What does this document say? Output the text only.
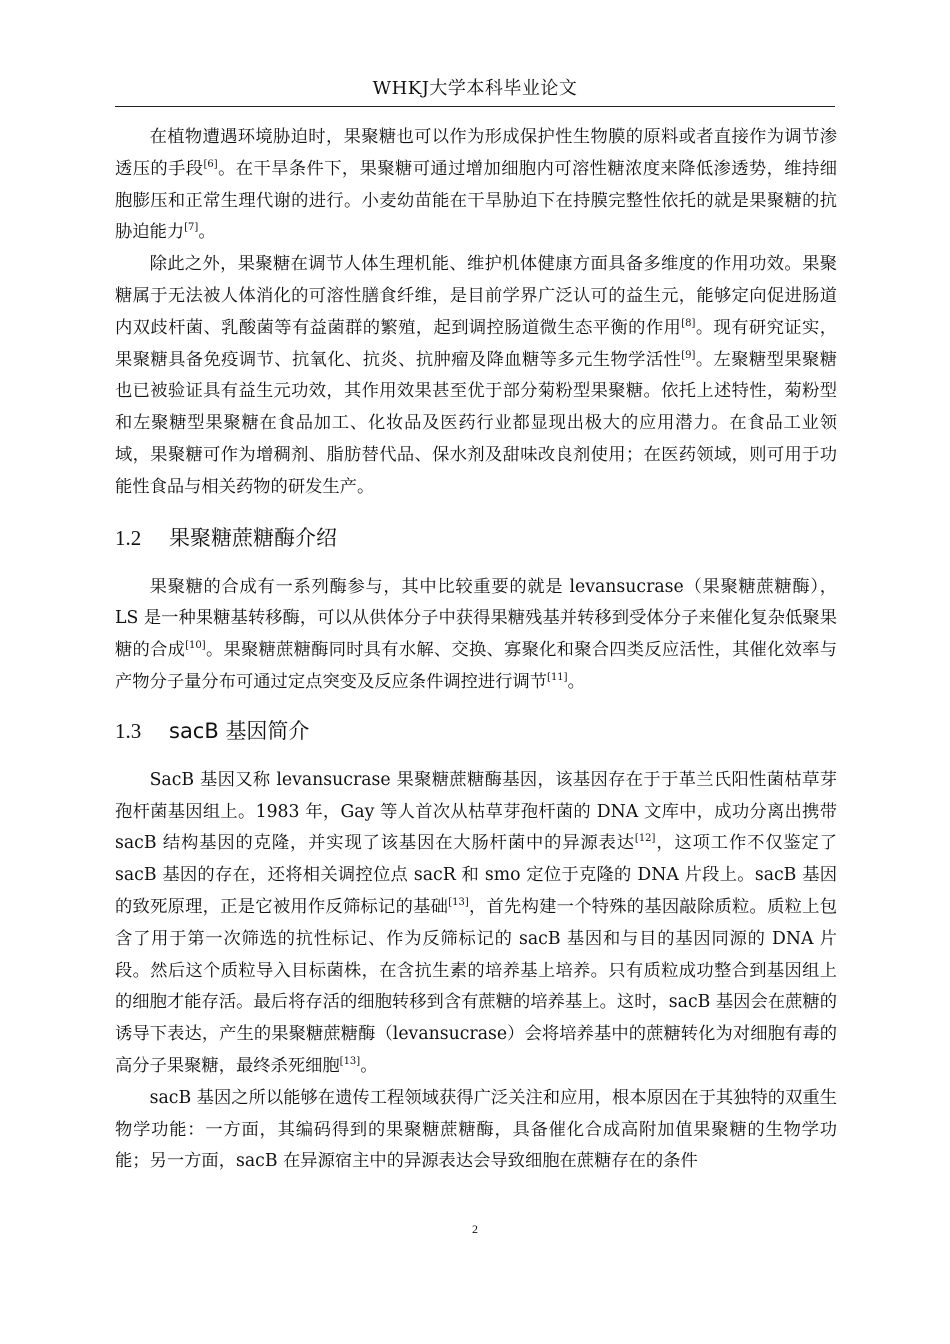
WHKJ大学本科毕业论文

在植物遭遇环境胁迫时，果聚糖也可以作为形成保护性生物膜的原料或者直接作为调节渗透压的手段[6]。在干旱条件下，果聚糖可通过增加细胞内可溶性糖浓度来降低渗透势，维持细胞膨压和正常生理代谢的进行。小麦幼苗能在干旱胁迫下在持膜完整性依托的就是果聚糖的抗胁迫能力[7]。

除此之外，果聚糖在调节人体生理机能、维护机体健康方面具备多维度的作用功效。果聚糖属于无法被人体消化的可溶性膳食纤维，是目前学界广泛认可的益生元，能够定向促进肠道内双歧杆菌、乳酸菌等有益菌群的繁殖，起到调控肠道微生态平衡的作用[8]。现有研究证实，果聚糖具备免疫调节、抗氧化、抗炎、抗肿瘤及降血糖等多元生物学活性[9]。左聚糖型果聚糖也已被验证具有益生元功效，其作用效果甚至优于部分菊粉型果聚糖。依托上述特性，菊粉型和左聚糖型果聚糖在食品加工、化妆品及医药行业都显现出极大的应用潜力。在食品工业领域，果聚糖可作为增稠剂、脂肪替代品、保水剂及甜味改良剂使用；在医药领域，则可用于功能性食品与相关药物的研发生产。

1.2 果聚糖蔗糖酶介绍

果聚糖的合成有一系列酶参与，其中比较重要的就是 levansucrase（果聚糖蔗糖酶），LS 是一种果糖基转移酶，可以从供体分子中获得果糖残基并转移到受体分子来催化复杂低聚果糖的合成[10]。果聚糖蔗糖酶同时具有水解、交换、寡聚化和聚合四类反应活性，其催化效率与产物分子量分布可通过定点突变及反应条件调控进行调节[11]。

1.3 sacB 基因简介

SacB 基因又称 levansucrase 果聚糖蔗糖酶基因，该基因存在于于革兰氏阳性菌枯草芽孢杆菌基因组上。1983 年，Gay 等人首次从枯草芽孢杆菌的 DNA 文库中，成功分离出携带 sacB 结构基因的克隆，并实现了该基因在大肠杆菌中的异源表达[12]，这项工作不仅鉴定了 sacB 基因的存在，还将相关调控位点 sacR 和 smo 定位于克隆的 DNA 片段上。sacB 基因的致死原理，正是它被用作反筛标记的基础[13]，首先构建一个特殊的基因敲除质粒。质粒上包含了用于第一次筛选的抗性标记、作为反筛标记的 sacB 基因和与目的基因同源的 DNA 片段。然后这个质粒导入目标菌株，在含抗生素的培养基上培养。只有质粒成功整合到基因组上的细胞才能存活。最后将存活的细胞转移到含有蔗糖的培养基上。这时，sacB 基因会在蔗糖的诱导下表达，产生的果聚糖蔗糖酶（levansucrase）会将培养基中的蔗糖转化为对细胞有毒的高分子果聚糖，最终杀死细胞[13]。

sacB 基因之所以能够在遗传工程领域获得广泛关注和应用，根本原因在于其独特的双重生物学功能：一方面，其编码得到的果聚糖蔗糖酶，具备催化合成高附加值果聚糖的生物学功能；另一方面，sacB 在异源宿主中的异源表达会导致细胞在蔗糖存在的条件

2
